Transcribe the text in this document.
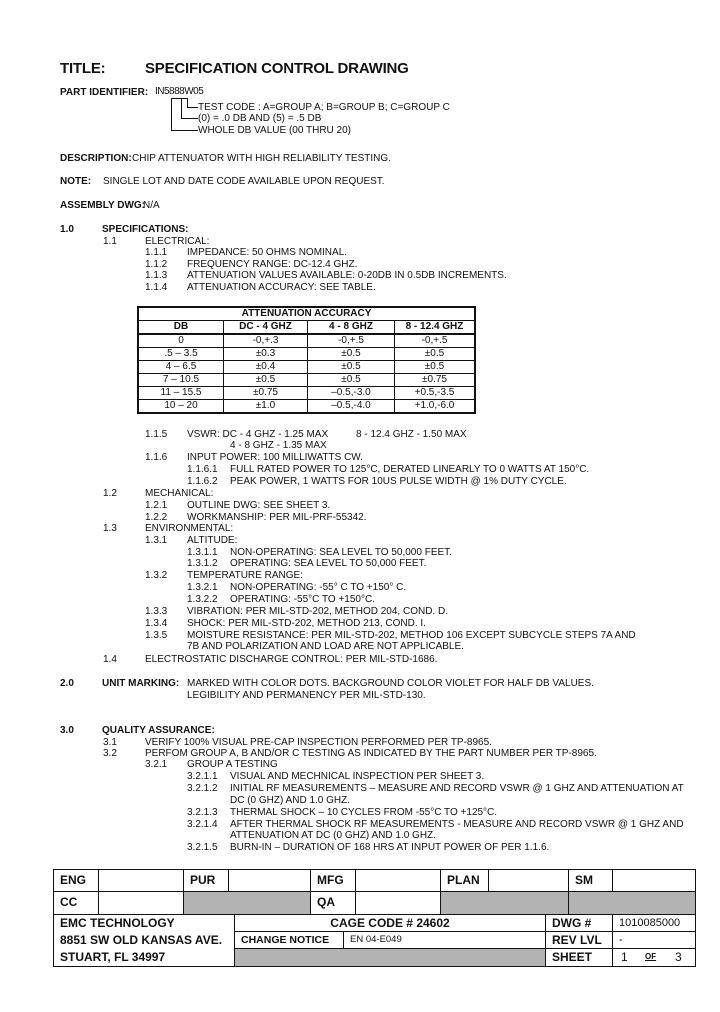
TITLE:	SPECIFICATION CONTROL DRAWING
PART IDENTIFIER: IN5888W05
TEST CODE : A=GROUP A; B=GROUP B; C=GROUP C
(0) = .0 DB AND (5) = .5 DB
WHOLE DB VALUE (00 THRU 20)
DESCRIPTION: CHIP ATTENUATOR WITH HIGH RELIABILITY TESTING.
NOTE: SINGLE LOT AND DATE CODE AVAILABLE UPON REQUEST.
ASSEMBLY DWG:
N/A
1.0	SPECIFICATIONS:
1.1	ELECTRICAL:
1.1.1 IMPEDANCE: 50 OHMS NOMINAL.
1.1.2 FREQUENCY RANGE: DC-12.4 GHZ.
1.1.3 ATTENUATION VALUES AVAILABLE: 0-20DB IN 0.5DB INCREMENTS.
1.1.4 ATTENUATION ACCURACY: SEE TABLE.
ATTENUATION ACCURACY			
DB	DC - 4 GHZ	4 - 8 GHZ	8 - 12.4 GHZ
0	-0,+.3	-0,+.5	-0,+.5
.5 – 3.5	±0.3	±0.5	±0.5
4 – 6.5	±0.4	±0.5	±0.5
7 – 10.5	±0.5	±0.5	±0.75
11 – 15.5	±0.75	–0.5,-3.0	+0.5,-3.5
10 – 20	±1.0	–0.5,-4.0	+1.0,-6.0
1.1.5 VSWR: DC - 4 GHZ - 1.25 MAX	8 - 12.4 GHZ - 1.50 MAX
4 - 8 GHZ - 1.35 MAX
1.1.6 INPUT POWER: 100 MILLIWATTS CW.
1.1.6.1 FULL RATED POWER TO 125°C, DERATED LINEARLY TO 0 WATTS AT 150°C.
1.1.6.2 PEAK POWER, 1 WATTS FOR 10US PULSE WIDTH @ 1% DUTY CYCLE.
1.2	MECHANICAL:
1.2.1 OUTLINE DWG: SEE SHEET 3.
1.2.2 WORKMANSHIP: PER MIL-PRF-55342.
1.3	ENVIRONMENTAL:
1.3.1 ALTITUDE:
1.3.1.1 NON-OPERATING: SEA LEVEL TO 50,000 FEET.
1.3.1.2 OPERATING: SEA LEVEL TO 50,000 FEET.
1.3.2 TEMPERATURE RANGE:
1.3.2.1 NON-OPERATING: -55° C TO +150° C.
1.3.2.2 OPERATING: -55°C TO +150°C.
1.3.3 VIBRATION: PER MIL-STD-202, METHOD 204, COND. D.
1.3.4 SHOCK: PER MIL-STD-202, METHOD 213, COND. I.
1.3.5 MOISTURE RESISTANCE: PER MIL-STD-202, METHOD 106 EXCEPT SUBCYCLE STEPS 7A AND
7B AND POLARIZATION AND LOAD ARE NOT APPLICABLE.
1.4	ELECTROSTATIC DISCHARGE CONTROL: PER MIL-STD-1686.
2.0	UNIT MARKING: MARKED WITH COLOR DOTS. BACKGROUND COLOR VIOLET FOR HALF DB VALUES.
LEGIBILITY AND PERMANENCY PER MIL-STD-130.
3.0	QUALITY ASSURANCE:
3.1	VERIFY 100% VISUAL PRE-CAP INSPECTION PERFORMED PER TP-8965.
3.2	PERFOM GROUP A, B AND/OR C TESTING AS INDICATED BY THE PART NUMBER PER TP-8965.
3.2.1 GROUP A TESTING
3.2.1.1 VISUAL AND MECHNICAL INSPECTION PER SHEET 3.
3.2.1.2 INITIAL RF MEASUREMENTS – MEASURE AND RECORD VSWR @ 1 GHZ AND ATTENUATION AT
DC (0 GHZ) AND 1.0 GHZ.
3.2.1.3 THERMAL SHOCK – 10 CYCLES FROM -55°C TO +125°C.
3.2.1.4 AFTER THERMAL SHOCK RF MEASUREMENTS - MEASURE AND RECORD VSWR @ 1 GHZ AND
ATTENUATION AT DC (0 GHZ) AND 1.0 GHZ.
3.2.1.5 BURN-IN – DURATION OF 168 HRS AT INPUT POWER OF PER 1.1.6.
ENG	PUR	MFG	PLAN	SM
CC	QA
EMC TECHNOLOGY
8851 SW OLD KANSAS AVE.
STUART, FL 34997
CAGE CODE # 24602
CHANGE NOTICE	EN 04-E049
DWG #	1010085000
REV LVL	-
SHEET	1 OF 3
